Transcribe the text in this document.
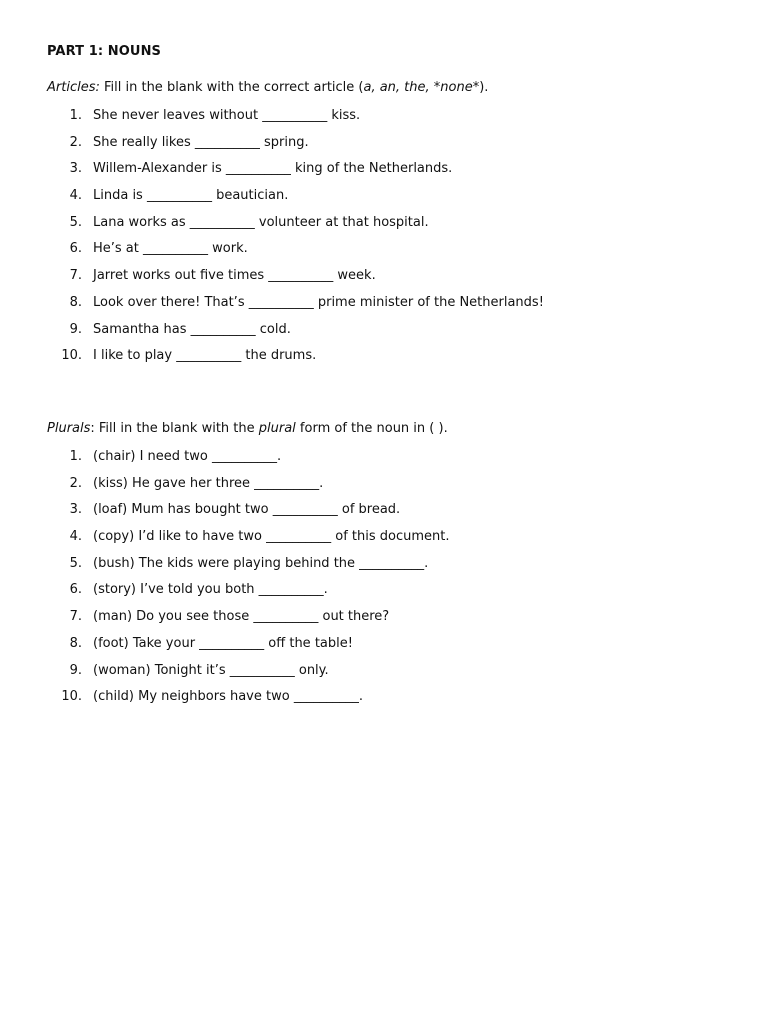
PART 1: NOUNS
Articles: Fill in the blank with the correct article (a, an, the, *none*).
1. She never leaves without __________ kiss.
2. She really likes __________ spring.
3. Willem-Alexander is __________ king of the Netherlands.
4. Linda is __________ beautician.
5. Lana works as __________ volunteer at that hospital.
6. He’s at __________ work.
7. Jarret works out five times __________ week.
8. Look over there! That’s __________ prime minister of the Netherlands!
9. Samantha has __________ cold.
10. I like to play __________ the drums.
Plurals: Fill in the blank with the plural form of the noun in ( ).
1. (chair) I need two __________.
2. (kiss) He gave her three __________.
3. (loaf) Mum has bought two __________ of bread.
4. (copy) I’d like to have two __________ of this document.
5. (bush) The kids were playing behind the __________.
6. (story) I’ve told you both __________.
7. (man) Do you see those __________ out there?
8. (foot) Take your __________ off the table!
9. (woman) Tonight it’s __________ only.
10. (child) My neighbors have two __________.
